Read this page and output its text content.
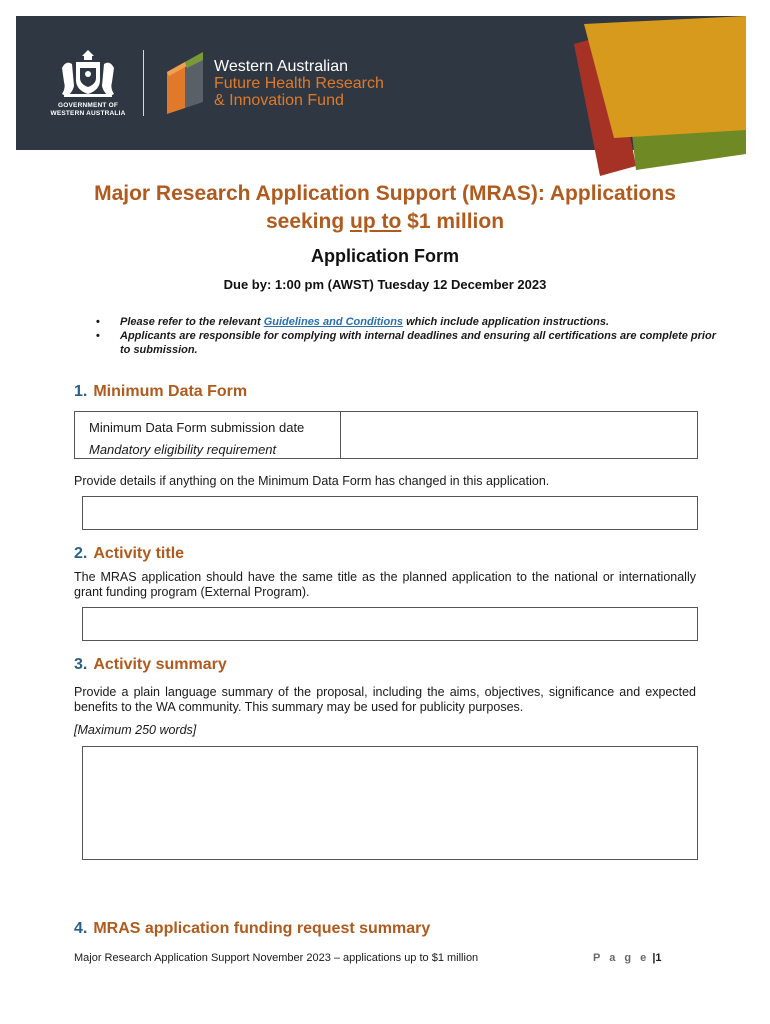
GOVERNMENT OF
WESTERN AUSTRALIA
Western Australian
Future Health Research
& Innovation Fund
Major Research Application Support (MRAS): Applications
seeking up to $1 million
Application Form
Due by: 1:00 pm (AWST) Tuesday 12 December 2023
• Please refer to the relevant Guidelines and Conditions which include application instructions.
• Applicants are responsible for complying with internal deadlines and ensuring all certifications are complete prior to submission.
1. Minimum Data Form
Minimum Data Form submission date
Mandatory eligibility requirement
Provide details if anything on the Minimum Data Form has changed in this application.
2. Activity title
The MRAS application should have the same title as the planned application to the national or internationally grant funding program (External Program).
3. Activity summary
Provide a plain language summary of the proposal, including the aims, objectives, significance and expected benefits to the WA community. This summary may be used for publicity purposes.
[Maximum 250 words]
4. MRAS application funding request summary
Major Research Application Support November 2023 – applications up to $1 million	P a g e |1
